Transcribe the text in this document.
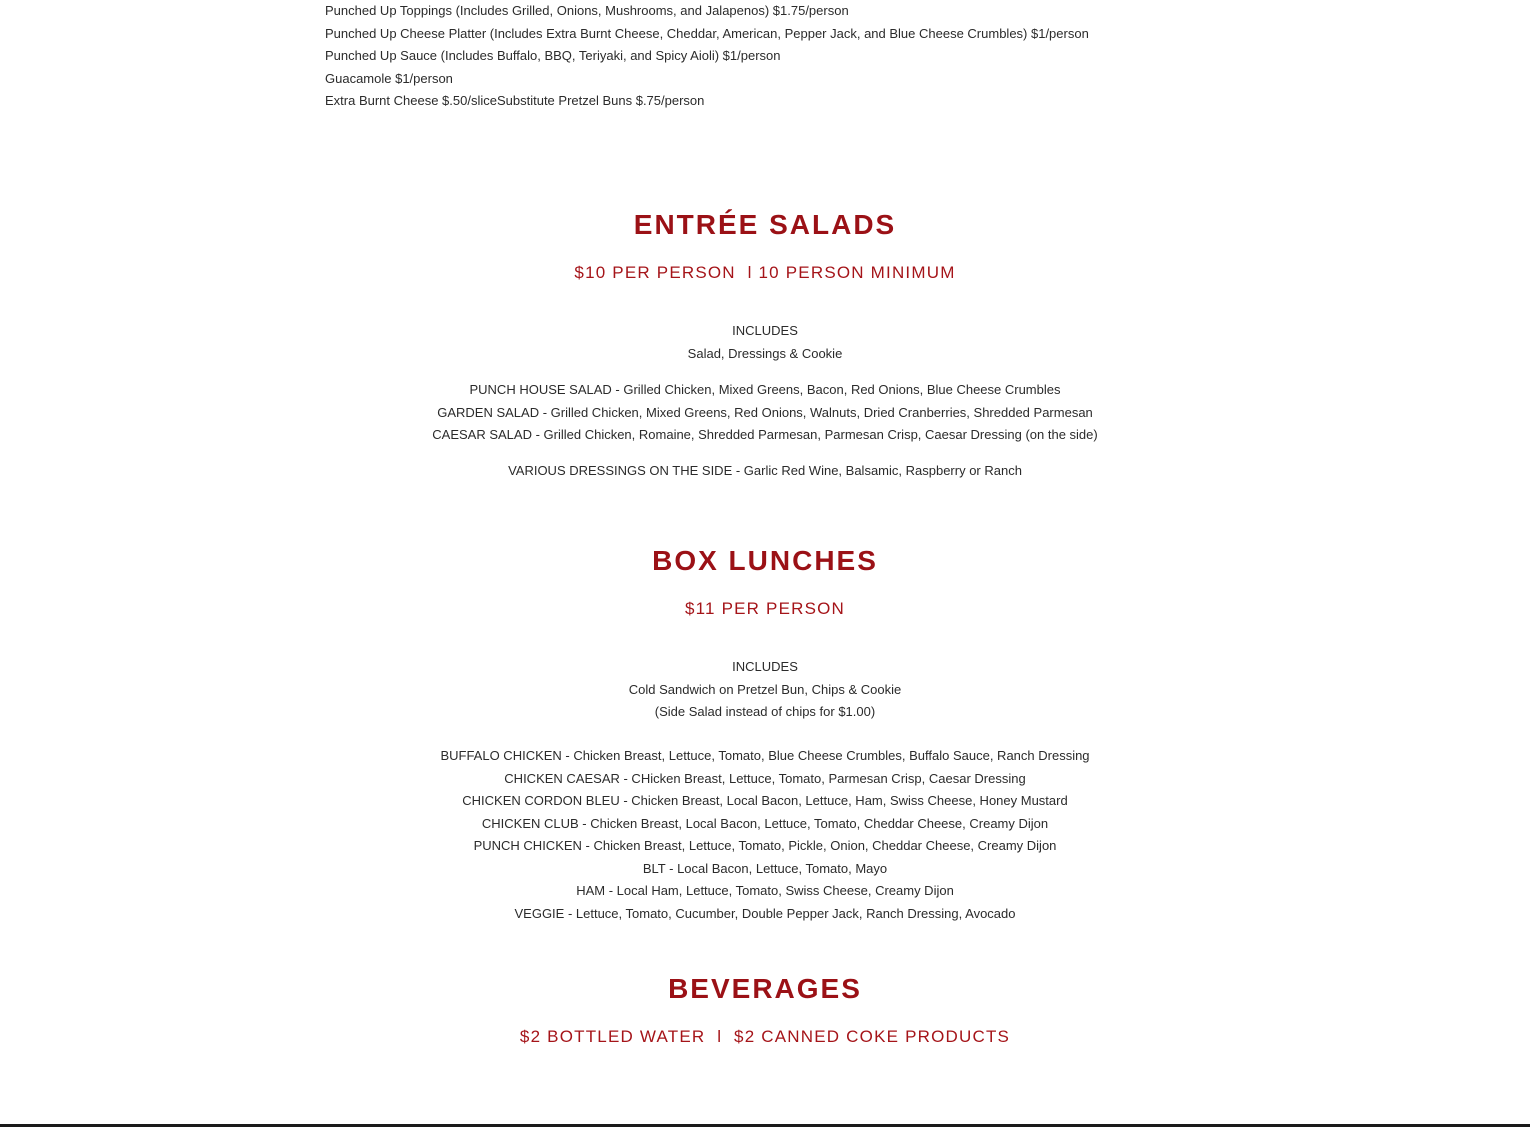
Punched Up Toppings (Includes Grilled, Onions, Mushrooms, and Jalapenos) $1.75/person
Punched Up Cheese Platter (Includes Extra Burnt Cheese, Cheddar, American, Pepper Jack, and Blue Cheese Crumbles) $1/person
Punched Up Sauce (Includes Buffalo, BBQ, Teriyaki, and Spicy Aioli) $1/person
Guacamole $1/person
Extra Burnt Cheese $.50/sliceSubstitute Pretzel Buns $.75/person
ENTRÉE SALADS
$10 PER PERSON  l 10 PERSON MINIMUM
INCLUDES
Salad, Dressings & Cookie
PUNCH HOUSE SALAD - Grilled Chicken, Mixed Greens, Bacon, Red Onions, Blue Cheese Crumbles
GARDEN SALAD - Grilled Chicken, Mixed Greens, Red Onions, Walnuts, Dried Cranberries, Shredded Parmesan
CAESAR SALAD - Grilled Chicken, Romaine, Shredded Parmesan, Parmesan Crisp, Caesar Dressing (on the side)
VARIOUS DRESSINGS ON THE SIDE - Garlic Red Wine, Balsamic, Raspberry or Ranch
BOX LUNCHES
$11 PER PERSON
INCLUDES
Cold Sandwich on Pretzel Bun, Chips & Cookie
(Side Salad instead of chips for $1.00)
BUFFALO CHICKEN - Chicken Breast, Lettuce, Tomato, Blue Cheese Crumbles, Buffalo Sauce, Ranch Dressing
CHICKEN CAESAR - CHicken Breast, Lettuce, Tomato, Parmesan Crisp, Caesar Dressing
CHICKEN CORDON BLEU - Chicken Breast, Local Bacon, Lettuce, Ham, Swiss Cheese, Honey Mustard
CHICKEN CLUB - Chicken Breast, Local Bacon, Lettuce, Tomato, Cheddar Cheese, Creamy Dijon
PUNCH CHICKEN - Chicken Breast, Lettuce, Tomato, Pickle, Onion, Cheddar Cheese, Creamy Dijon
BLT - Local Bacon, Lettuce, Tomato, Mayo
HAM - Local Ham, Lettuce, Tomato, Swiss Cheese, Creamy Dijon
VEGGIE - Lettuce, Tomato, Cucumber, Double Pepper Jack, Ranch Dressing, Avocado
BEVERAGES
$2 BOTTLED WATER  l  $2 CANNED COKE PRODUCTS
